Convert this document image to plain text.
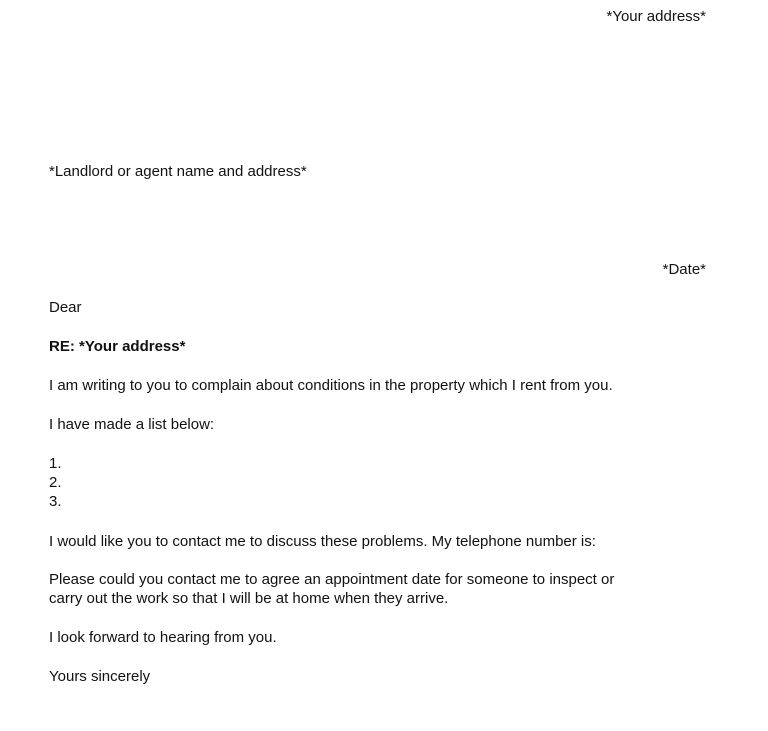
*Your address*

*Landlord or agent name and address*

*Date*

Dear

RE: *Your address*

I am writing to you to complain about conditions in the property which I rent from you.

I have made a list below:

1.
2.
3.

I would like you to contact me to discuss these problems. My telephone number is:

Please could you contact me to agree an appointment date for someone to inspect or
carry out the work so that I will be at home when they arrive.

I look forward to hearing from you.

Yours sincerely
